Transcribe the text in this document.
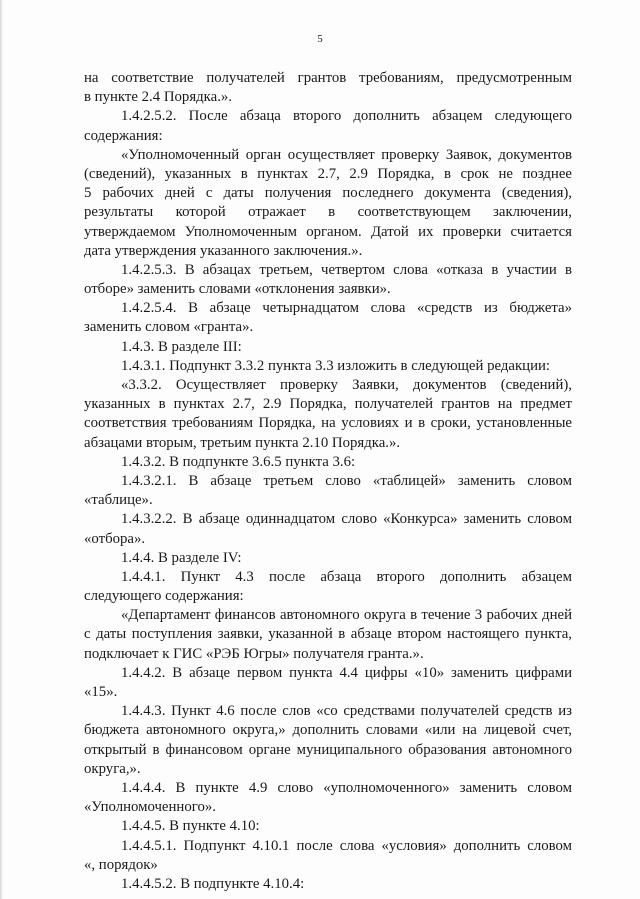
5
на соответствие получателей грантов требованиям, предусмотренным
в пункте 2.4 Порядка.».
1.4.2.5.2. После абзаца второго дополнить абзацем следующего
содержания:
«Уполномоченный орган осуществляет проверку Заявок, документов
(сведений), указанных в пунктах 2.7, 2.9 Порядка, в срок не позднее
5 рабочих дней с даты получения последнего документа (сведения),
результаты которой отражает в соответствующем заключении,
утверждаемом Уполномоченным органом. Датой их проверки считается
дата утверждения указанного заключения.».
1.4.2.5.3. В абзацах третьем, четвертом слова «отказа в участии в
отборе» заменить словами «отклонения заявки».
1.4.2.5.4. В абзаце четырнадцатом слова «средств из бюджета»
заменить словом «гранта».
1.4.3. В разделе III:
1.4.3.1. Подпункт 3.3.2 пункта 3.3 изложить в следующей редакции:
«3.3.2. Осуществляет проверку Заявки, документов (сведений),
указанных в пунктах 2.7, 2.9 Порядка, получателей грантов на предмет
соответствия требованиям Порядка, на условиях и в сроки, установленные
абзацами вторым, третьим пункта 2.10 Порядка.».
1.4.3.2. В подпункте 3.6.5 пункта 3.6:
1.4.3.2.1. В абзаце третьем слово «таблицей» заменить словом
«таблице».
1.4.3.2.2. В абзаце одиннадцатом слово «Конкурса» заменить словом
«отбора».
1.4.4. В разделе IV:
1.4.4.1. Пункт 4.3 после абзаца второго дополнить абзацем
следующего содержания:
«Департамент финансов автономного округа в течение 3 рабочих дней
с даты поступления заявки, указанной в абзаце втором настоящего пункта,
подключает к ГИС «РЭБ Югры» получателя гранта.».
1.4.4.2. В абзаце первом пункта 4.4 цифры «10» заменить цифрами
«15».
1.4.4.3. Пункт 4.6 после слов «со средствами получателей средств из
бюджета автономного округа,» дополнить словами «или на лицевой счет,
открытый в финансовом органе муниципального образования автономного
округа,».
1.4.4.4. В пункте 4.9 слово «уполномоченного» заменить словом
«Уполномоченного».
1.4.4.5. В пункте 4.10:
1.4.4.5.1. Подпункт 4.10.1 после слова «условия» дополнить словом
«, порядок»
1.4.4.5.2. В подпункте 4.10.4:
